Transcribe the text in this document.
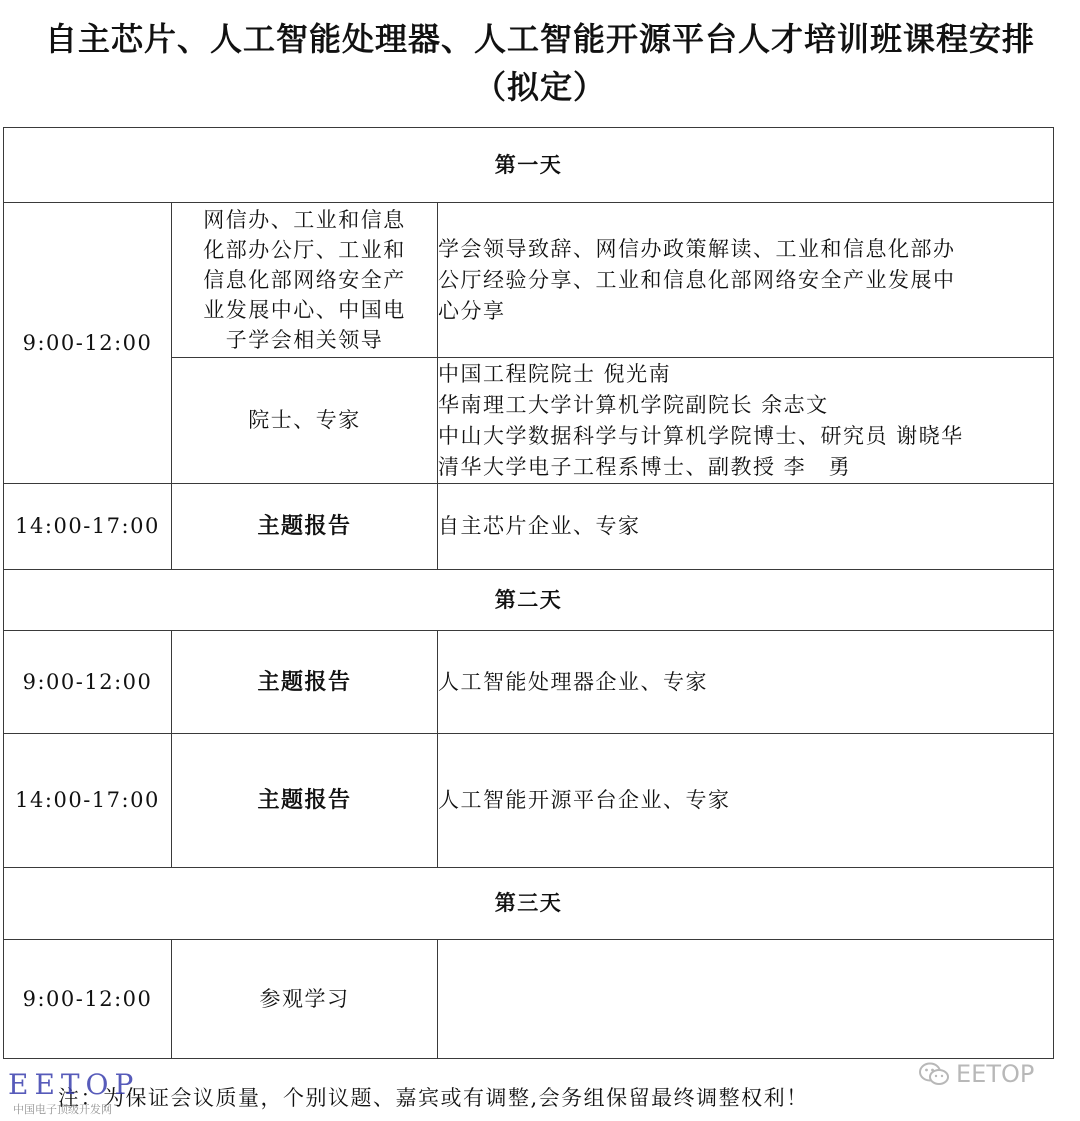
自主芯片、人工智能处理器、人工智能开源平台人才培训班课程安排
（拟定）
第一天		
9:00-12:00	网信办、工业和信息
化部办公厅、工业和
信息化部网络安全产
业发展中心、中国电
子学会相关领导	学会领导致辞、网信办政策解读、工业和信息化部办
公厅经验分享、工业和信息化部网络安全产业发展中
心分享

	院士、专家	中国工程院院士 倪光南
华南理工大学计算机学院副院长 余志文
中山大学数据科学与计算机学院博士、研究员 谢晓华
清华大学电子工程系博士、副教授 李　勇

14:00-17:00	主题报告	自主芯片企业、专家
第二天		
9:00-12:00	主题报告	人工智能处理器企业、专家
14:00-17:00	主题报告	人工智能开源平台企业、专家
第三天		
9:00-12:00	参观学习	
注：为保证会议质量，个别议题、嘉宾或有调整,会务组保留最终调整权利！
EETOP
中国电子顶级开发网
EETOP
